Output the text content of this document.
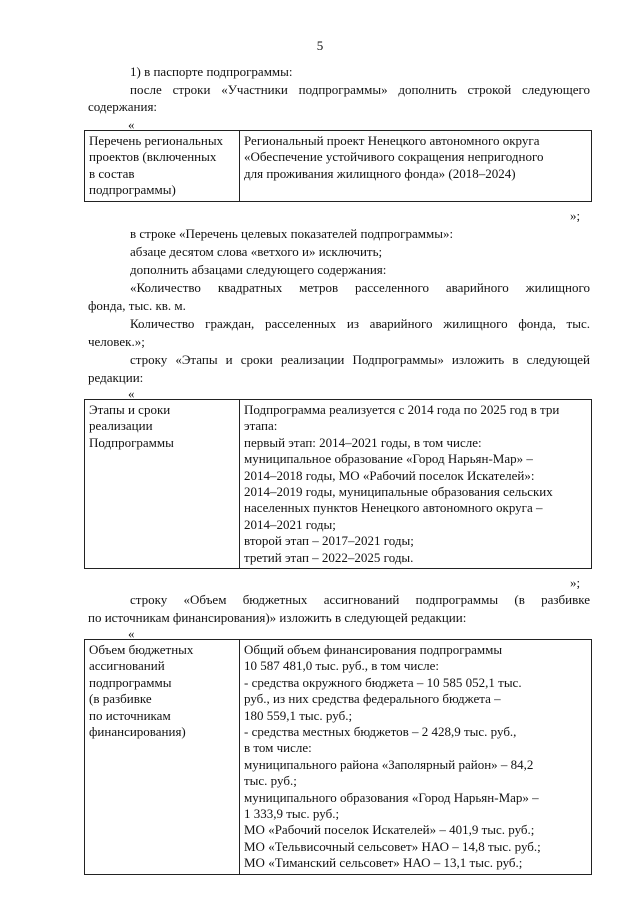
5
1) в паспорте подпрограммы:
после строки «Участники подпрограммы» дополнить строкой следующего
содержания:
«
Перечень региональных
проектов (включенных
в состав
подпрограммы)

Региональный проект Ненецкого автономного округа
«Обеспечение устойчивого сокращения непригодного
для проживания жилищного фонда» (2018–2024)
»;
в строке «Перечень целевых показателей подпрограммы»:
абзаце десятом слова «ветхого и» исключить;
дополнить абзацами следующего содержания:
«Количество квадратных метров расселенного аварийного жилищного
фонда, тыс. кв. м.
Количество граждан, расселенных из аварийного жилищного фонда, тыс.
человек.»;
строку «Этапы и сроки реализации Подпрограммы» изложить в следующей
редакции:
«
Этапы и сроки
реализации
Подпрограммы

Подпрограмма реализуется с 2014 года по 2025 год в три
этапа:
первый этап: 2014–2021 годы, в том числе:
муниципальное образование «Город Нарьян-Мар» –
2014–2018 годы, МО «Рабочий поселок Искателей»:
2014–2019 годы, муниципальные образования сельских
населенных пунктов Ненецкого автономного округа –
2014–2021 годы;
второй этап – 2017–2021 годы;
третий этап – 2022–2025 годы.
»;
строку «Объем бюджетных ассигнований подпрограммы (в разбивке
по источникам финансирования)» изложить в следующей редакции:
«
Объем бюджетных
ассигнований
подпрограммы
(в разбивке
по источникам
финансирования)

Общий объем финансирования подпрограммы
10 587 481,0 тыс. руб., в том числе:
- средства окружного бюджета – 10 585 052,1 тыс.
руб., из них средства федерального бюджета –
180 559,1 тыс. руб.;
- средства местных бюджетов – 2 428,9 тыс. руб.,
в том числе:
муниципального района «Заполярный район» – 84,2
тыс. руб.;
муниципального образования «Город Нарьян-Мар» –
1 333,9 тыс. руб.;
МО «Рабочий поселок Искателей» – 401,9 тыс. руб.;
МО «Тельвисочный сельсовет» НАО – 14,8 тыс. руб.;
МО «Тиманский сельсовет» НАО – 13,1 тыс. руб.;
